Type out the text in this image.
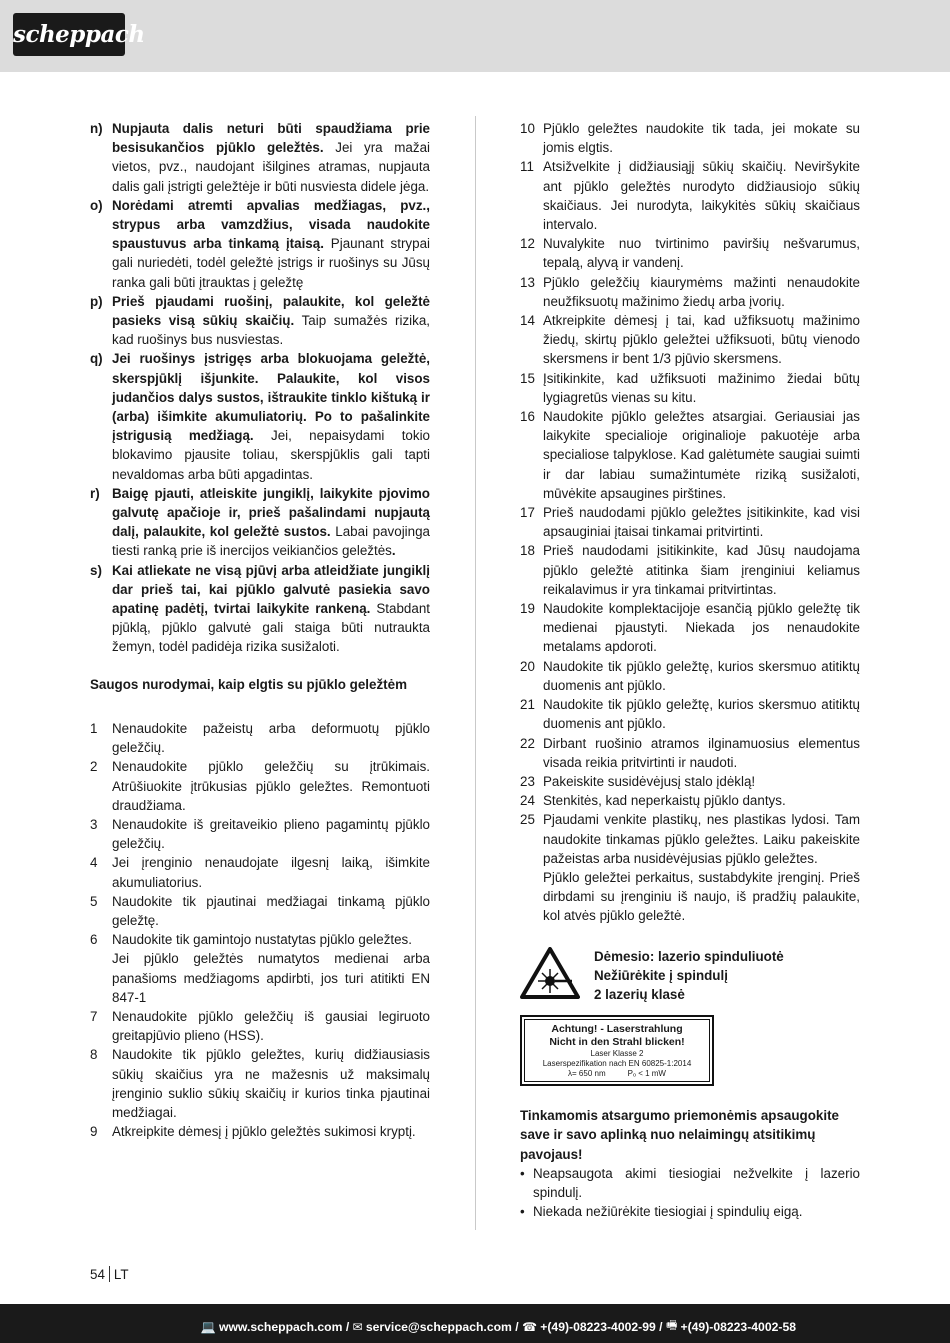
scheppach
n) Nupjauta dalis neturi būti spaudžiama prie besisukančios pjūklo geležtės. Jei yra mažai vietos, pvz., naudojant išilgines atramas, nupjauta dalis gali įstrigti geležtėje ir būti nusviesta didele jėga.
o) Norėdami atremti apvalias medžiagas, pvz., strypus arba vamzdžius, visada naudokite spaustuvus arba tinkamą įtaisą. Pjaunant strypai gali nuriedėti, todėl geležtė įstrigs ir ruošinys su Jūsų ranka gali būti įtrauktas į geležtę
p) Prieš pjaudami ruošinį, palaukite, kol geležtė pasieks visą sūkių skaičių. Taip sumažės rizika, kad ruošinys bus nusviestas.
q) Jei ruošinys įstrigęs arba blokuojama geležtė, skerspjūklį išjunkite. Palaukite, kol visos judančios dalys sustos, ištraukite tinklo kištuką ir (arba) išimkite akumuliatorių. Po to pašalinkite įstrigusią medžiagą. Jei, nepaisydami tokio blokavimo pjausite toliau, skerspjūklis gali tapti nevaldomas arba būti apgadintas.
r) Baigę pjauti, atleiskite jungiklį, laikykite pjovimo galvutę apačioje ir, prieš pašalindami nupjautą dalį, palaukite, kol geležtė sustos. Labai pavojinga tiesti ranką prie iš inercijos veikiančios geležtės.
s) Kai atliekate ne visą pjūvį arba atleidžiate jungiklį dar prieš tai, kai pjūklo galvutė pasiekia savo apatinę padėtį, tvirtai laikykite rankeną. Stabdant pjūklą, pjūklo galvutė gali staiga būti nutraukta žemyn, todėl padidėja rizika susižaloti.
Saugos nurodymai, kaip elgtis su pjūklo geležtėm
1	Nenaudokite pažeistų arba deformuotų pjūklo geležčių.
2	Nenaudokite pjūklo geležčių su įtrūkimais. Atrūšiuokite įtrūkusias pjūklo geležtes. Remontuoti draudžiama.
3	Nenaudokite iš greitaveikio plieno pagamintų pjūklo geležčių.
4	Jei įrenginio nenaudojate ilgesnį laiką, išimkite akumuliatorius.
5	Naudokite tik pjautinai medžiagai tinkamą pjūklo geležtę.
6	Naudokite tik gamintojo nustatytas pjūklo geležtes.
Jei pjūklo geležtės numatytos medienai arba panašioms medžiagoms apdirbti, jos turi atitikti EN 847-1
7	Nenaudokite pjūklo geležčių iš gausiai legiruoto greitapjūvio plieno (HSS).
8	Naudokite tik pjūklo geležtes, kurių didžiausiasis sūkių skaičius yra ne mažesnis už maksimalų įrenginio suklio sūkių skaičių ir kurios tinka pjautinai medžiagai.
9	Atkreipkite dėmesį į pjūklo geležtės sukimosi kryptį.
10 Pjūklo geležtes naudokite tik tada, jei mokate su jomis elgtis.
11 Atsižvelkite į didžiausiąjį sūkių skaičių. Neviršykite ant pjūklo geležtės nurodyto didžiausiojo sūkių skaičiaus. Jei nurodyta, laikykitės sūkių skaičiaus intervalo.
12 Nuvalykite nuo tvirtinimo paviršių nešvarumus, tepalą, alyvą ir vandenį.
13 Pjūklo geležčių kiaurymėms mažinti nenaudokite neužfiksuotų mažinimo žiedų arba įvorių.
14 Atkreipkite dėmesį į tai, kad užfiksuotų mažinimo žiedų, skirtų pjūklo geležtei užfiksuoti, būtų vienodo skersmens ir bent 1/3 pjūvio skersmens.
15 Įsitikinkite, kad užfiksuoti mažinimo žiedai būtų lygiagretūs vienas su kitu.
16 Naudokite pjūklo geležtes atsargiai. Geriausiai jas laikykite specialioje originalioje pakuotėje arba specialiose talpyklose. Kad galėtumėte saugiai suimti ir dar labiau sumažintumėte riziką susižaloti, mūvėkite apsaugines pirštines.
17 Prieš naudodami pjūklo geležtes įsitikinkite, kad visi apsauginiai įtaisai tinkamai pritvirtinti.
18 Prieš naudodami įsitikinkite, kad Jūsų naudojama pjūklo geležtė atitinka šiam įrenginiui keliamus reikalavimus ir yra tinkamai pritvirtintas.
19 Naudokite komplektacijoje esančią pjūklo geležtę tik medienai pjaustyti. Niekada jos nenaudokite metalams apdoroti.
20 Naudokite tik pjūklo geležtę, kurios skersmuo atitiktų duomenis ant pjūklo.
21 Naudokite tik pjūklo geležtę, kurios skersmuo atitiktų duomenis ant pjūklo.
22 Dirbant ruošinio atramos ilginamuosius elementus visada reikia pritvirtinti ir naudoti.
23 Pakeiskite susidėvėjusį stalo įdėklą!
24 Stenkitės, kad neperkaistų pjūklo dantys.
25 Pjaudami venkite plastikų, nes plastikas lydosi. Tam naudokite tinkamas pjūklo geležtes. Laiku pakeiskite pažeistas arba nusidėvėjusias pjūklo geležtes.
Pjūklo geležtei perkaitus, sustabdykite įrenginį. Prieš dirbdami su įrenginiu iš naujo, iš pradžių palaukite, kol atvės pjūklo geležtė.
Dėmesio: lazerio spinduliuotė
Nežiūrėkite į spindulį
2 lazerių klasė
Achtung! - Laserstrahlung
Nicht in den Strahl blicken!
Laser Klasse 2
Laserspezifikation nach EN 60825-1:2014
λ= 650 nm	Pₒ < 1 mW
Tinkamomis atsargumo priemonėmis apsaugokite save ir savo aplinką nuo nelaimingų atsitikimų pavojaus!
• Neapsaugota akimi tiesiogiai nežvelkite į lazerio spindulį.
• Niekada nežiūrėkite tiesiogiai į spindulių eigą.
54 LT
💻 www.scheppach.com / ✉ service@scheppach.com / ☎ +(49)-08223-4002-99 / 🖷 +(49)-08223-4002-58
